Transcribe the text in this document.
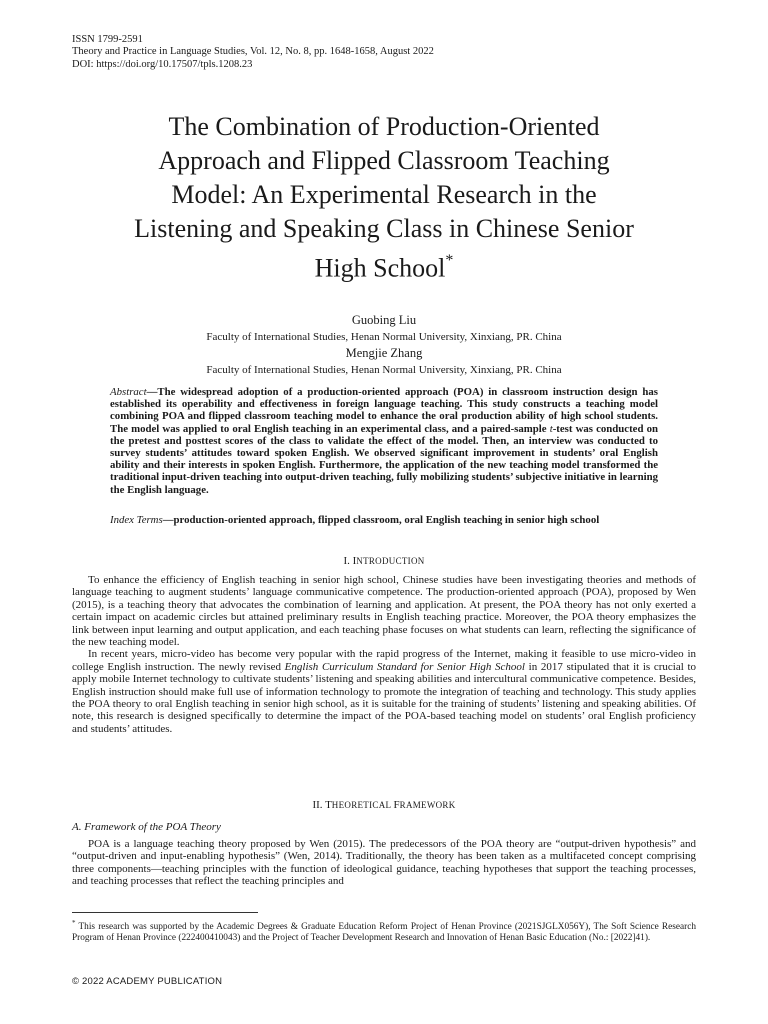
ISSN 1799-2591
Theory and Practice in Language Studies, Vol. 12, No. 8, pp. 1648-1658, August 2022
DOI: https://doi.org/10.17507/tpls.1208.23
The Combination of Production-Oriented
Approach and Flipped Classroom Teaching
Model: An Experimental Research in the
Listening and Speaking Class in Chinese Senior
High School*
Guobing Liu
Faculty of International Studies, Henan Normal University, Xinxiang, PR. China
Mengjie Zhang
Faculty of International Studies, Henan Normal University, Xinxiang, PR. China
Abstract—The widespread adoption of a production-oriented approach (POA) in classroom instruction design has established its operability and effectiveness in foreign language teaching. This study constructs a teaching model combining POA and flipped classroom teaching model to enhance the oral production ability of high school students. The model was applied to oral English teaching in an experimental class, and a paired-sample t-test was conducted on the pretest and posttest scores of the class to validate the effect of the model. Then, an interview was conducted to survey students’ attitudes toward spoken English. We observed significant improvement in students’ oral English ability and their interests in spoken English. Furthermore, the application of the new teaching model transformed the traditional input-driven teaching into output-driven teaching, fully mobilizing students’ subjective initiative in learning the English language.
Index Terms—production-oriented approach, flipped classroom, oral English teaching in senior high school
I. INTRODUCTION

To enhance the efficiency of English teaching in senior high school, Chinese studies have been investigating theories and methods of language teaching to augment students’ language communicative competence. The production-oriented approach (POA), proposed by Wen (2015), is a teaching theory that advocates the combination of learning and application. At present, the POA theory has not only exerted a certain impact on academic circles but attained preliminary results in English teaching practice. Moreover, the POA theory emphasizes the link between input learning and output application, and each teaching phase focuses on what students can learn, reflecting the significance of the new teaching model.

In recent years, micro-video has become very popular with the rapid progress of the Internet, making it feasible to use micro-video in college English instruction. The newly revised English Curriculum Standard for Senior High School in 2017 stipulated that it is crucial to apply mobile Internet technology to cultivate students’ listening and speaking abilities and intercultural communicative competence. Besides, English instruction should make full use of information technology to promote the integration of teaching and technology. This study applies the POA theory to oral English teaching in senior high school, as it is suitable for the training of students’ listening and speaking abilities. Of note, this research is designed specifically to determine the impact of the POA-based teaching model on students’ oral English proficiency and students’ attitudes.

II. THEORETICAL FRAMEWORK
A. Framework of the POA Theory

POA is a language teaching theory proposed by Wen (2015). The predecessors of the POA theory are “output-driven hypothesis” and “output-driven and input-enabling hypothesis” (Wen, 2014). Traditionally, the theory has been taken as a multifaceted concept comprising three components—teaching principles with the function of ideological guidance, teaching hypotheses that support the teaching processes, and teaching processes that reflect the teaching principles and

* This research was supported by the Academic Degrees & Graduate Education Reform Project of Henan Province (2021SJGLX056Y), The Soft Science Research Program of Henan Province (222400410043) and the Project of Teacher Development Research and Innovation of Henan Basic Education (No.: [2022]41).
© 2022 ACADEMY PUBLICATION
